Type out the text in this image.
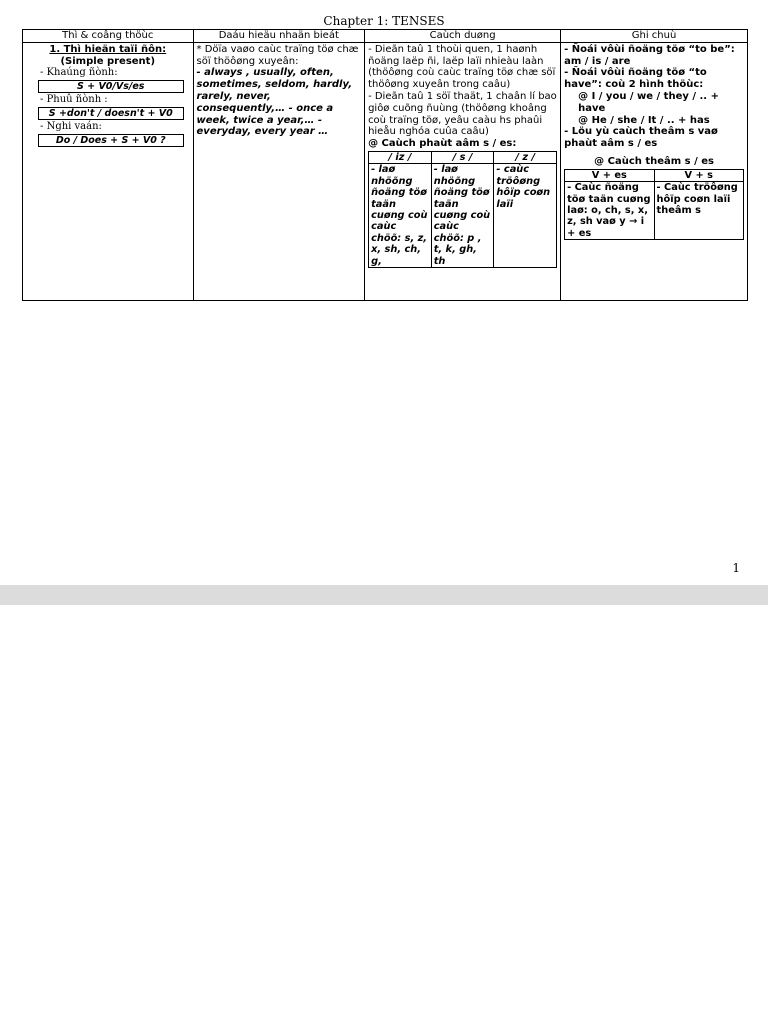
Chapter 1: TENSES
Thì & coâng thöùc	Daáu hieäu nhaän bieát	Caùch duøng	Ghi chuù

1. Thì hieän taïi ñôn:
(Simple present)
- Khaúng ñònh:
S + V0/Vs/es
- Phuû ñònh :
S +don't / doesn't + V0
- Nghi vaán:
Do / Does + S + V0 ?

* Döïa vaøo caùc traïng töø chæ söï thöôøng xuyeân:
- always , usually, often, sometimes, seldom, hardly, rarely, never, consequently,… - once a week, twice a year,… - everyday, every year …

- Dieãn taû 1 thoùi quen, 1 haønh ñoäng laëp ñi, laëp laïi nhieàu laàn (thöôøng coù caùc traïng töø chæ söï thöôøng xuyeân trong caâu)
- Dieãn taû 1 söï thaät, 1 chaân lí bao giôø cuõng ñuùng (thöôøng khoâng coù traïng töø, yeâu caàu hs phaûi hieåu nghóa cuûa caâu)
@ Caùch phaùt aâm s / es:
/ iz /	/ s /	/ z /
- laø nhöõng ñoäng töø taän cuøng coù caùc chöõ: s, z, x, sh, ch, g,	- laø nhöõng ñoäng töø taän cuøng coù caùc chöõ: p , t, k, gh, th	- caùc tröôøng hôïp coøn laïi

- Ñoái vôùi ñoäng töø “to be”: am / is / are
- Ñoái vôùi ñoäng töø “to have”: coù 2 hình thöùc:
@ I / you / we / they / .. + have
@ He / she / It / .. + has
- Löu yù caùch theâm s vaø phaùt aâm s / es
@ Caùch theâm s / es
V + es	V + s
- Caùc ñoäng töø taän cuøng laø: o, ch, s, x, z, sh vaø y → i + es	- Caùc tröôøng hôïp coøn laïi theâm s
1
